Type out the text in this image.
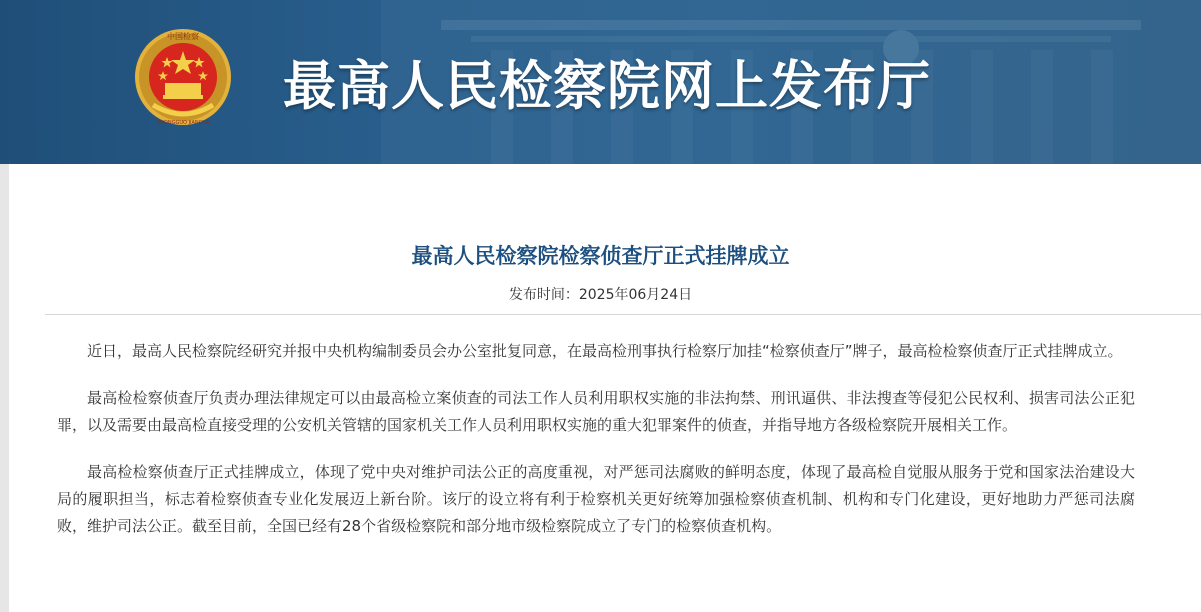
中国检察
ZHONGGUO JIANCHA
最高人民检察院网上发布厅
最高人民检察院检察侦查厅正式挂牌成立
发布时间：2025年06月24日

近日，最高人民检察院经研究并报中央机构编制委员会办公室批复同意，在最高检刑事执行检察厅加挂“检察侦查厅”牌子，最高检检察侦查厅正式挂牌成立。

最高检检察侦查厅负责办理法律规定可以由最高检立案侦查的司法工作人员利用职权实施的非法拘禁、刑讯逼供、非法搜查等侵犯公民权利、损害司法公正犯罪，以及需要由最高检直接受理的公安机关管辖的国家机关工作人员利用职权实施的重大犯罪案件的侦查，并指导地方各级检察院开展相关工作。

最高检检察侦查厅正式挂牌成立，体现了党中央对维护司法公正的高度重视，对严惩司法腐败的鲜明态度，体现了最高检自觉服从服务于党和国家法治建设大局的履职担当，标志着检察侦查专业化发展迈上新台阶。该厅的设立将有利于检察机关更好统筹加强检察侦查机制、机构和专门化建设，更好地助力严惩司法腐败，维护司法公正。截至目前，全国已经有28个省级检察院和部分地市级检察院成立了专门的检察侦查机构。
